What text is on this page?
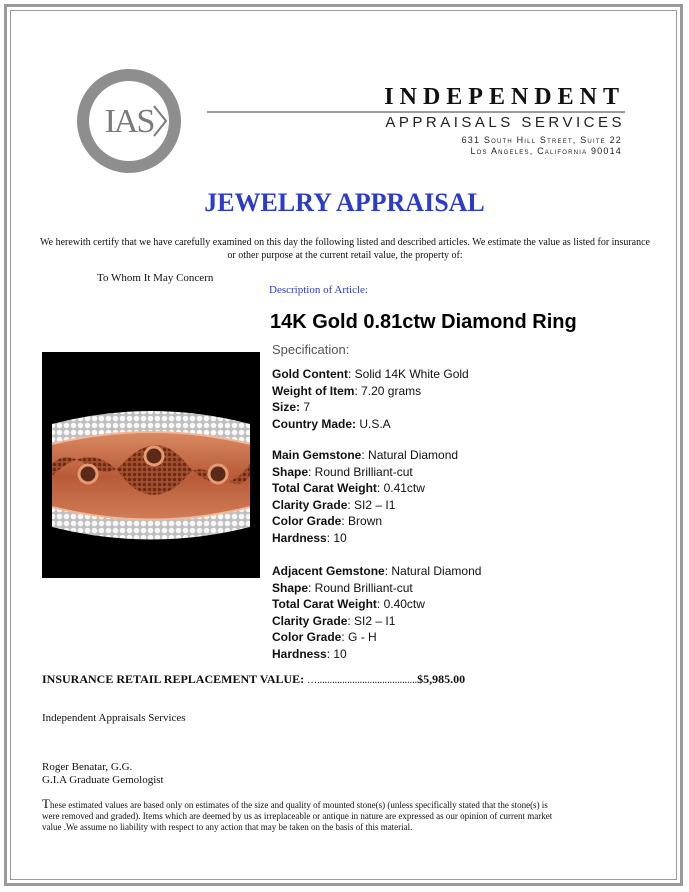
IAS
Appraisal
INDEPENDENT
APPRAISALS SERVICES
631 South Hill Street, Suite 22
Los Angeles, California 90014
JEWELRY APPRAISAL
We herewith certify that we have carefully examined on this day the following listed and described articles. We estimate the value as listed for insurance or other purpose at the current retail value, the property of:
To Whom It May Concern
Description of Article:
14K Gold 0.81ctw Diamond Ring
Specification:
Gold Content: Solid 14K White Gold
Weight of Item: 7.20 grams
Size: 7
Country Made: U.S.A
Main Gemstone: Natural Diamond
Shape: Round Brilliant-cut
Total Carat Weight: 0.41ctw
Clarity Grade: SI2 – I1
Color Grade: Brown
Hardness: 10
Adjacent Gemstone: Natural Diamond
Shape: Round Brilliant-cut
Total Carat Weight: 0.40ctw
Clarity Grade: SI2 – I1
Color Grade: G - H
Hardness: 10
INSURANCE RETAIL REPLACEMENT VALUE: …........................................$5,985.00
Independent Appraisals Services
Roger Benatar, G.G.
G.I.A Graduate Gemologist
These estimated values are based only on estimates of the size and quality of mounted stone(s) (unless specifically stated that the stone(s) is were removed and graded). Items which are deemed by us as irreplaceable or antique in nature are expressed as our opinion of current market value .We assume no liability with respect to any action that may be taken on the basis of this material.
